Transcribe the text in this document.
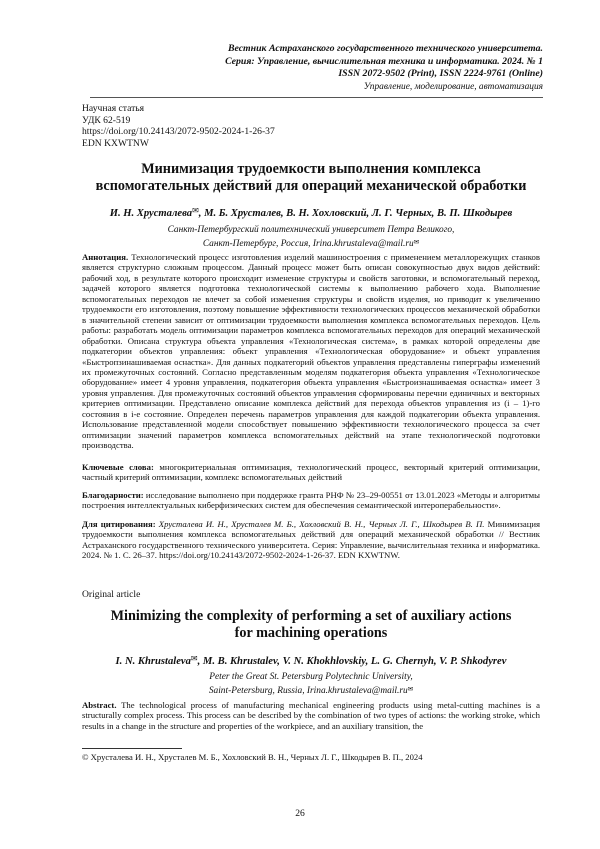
Вестник Астраханского государственного технического университета.
Серия: Управление, вычислительная техника и информатика. 2024. № 1
ISSN 2072-9502 (Print), ISSN 2224-9761 (Online)
Управление, моделирование, автоматизация
Научная статья
УДК 62-519
https://doi.org/10.24143/2072-9502-2024-1-26-37
EDN KXWTNW
Минимизация трудоемкости выполнения комплекса
вспомогательных действий для операций механической обработки
И. Н. Хрусталева✉, М. Б. Хрусталев, В. Н. Хохловский, Л. Г. Черных, В. П. Шкодырев
Санкт-Петербургский политехнический университет Петра Великого,
Санкт-Петербург, Россия, Irina.khrustaleva@mail.ru✉
Аннотация. Технологический процесс изготовления изделий машиностроения с применением металлорежущих станков является структурно сложным процессом. Данный процесс может быть описан совокупностью двух видов действий: рабочий ход, в результате которого происходит изменение структуры и свойств заготовки, и вспомогательный переход, задачей которого является подготовка технологической системы к выполнению рабочего хода. Выполнение вспомогательных переходов не влечет за собой изменения структуры и свойств изделия, но приводит к увеличению трудоемкости его изготовления, поэтому повышение эффективности технологических процессов механической обработки в значительной степени зависит от оптимизации трудоемкости выполнения комплекса вспомогательных переходов. Цель работы: разработать модель оптимизации параметров комплекса вспомогательных переходов для операций механической обработки. Описана структура объекта управления «Технологическая система», в рамках которой определены две подкатегории объектов управления: объект управления «Технологическая оборудование» и объект управления «Быстропзинашиваемая оснастка». Для данных подкатегорий объектов управления представлены гиперграфы изменений их промежуточных состояний. Согласно представленным моделям подкатегория объекта управления «Технологическое оборудование» имеет 4 уровня управления, подкатегория объекта управления «Быстроизнашиваемая оснастка» имеет 3 уровня управления. Для промежуточных состояний объектов управления сформированы перечни единичных и векторных критериев оптимизации. Представлено описание комплекса действий для перехода объектов управления из (i – 1)-го состояния в i-е состояние. Определен перечень параметров управления для каждой подкатегории объекта управления. Использование представленной модели способствует повышению эффективности технологического процесса за счет оптимизации значений параметров комплекса вспомогательных действий на этапе технологической подготовки производства.
Ключевые слова: многокритериальная оптимизация, технологический процесс, векторный критерий оптимизации, частный критерий оптимизации, комплекс вспомогательных действий
Благодарности: исследование выполнено при поддержке гранта РНФ № 23–29-00551 от 13.01.2023 «Методы и алгоритмы построения интеллектуальных киберфизических систем для обеспечения семантической интероперабельности».
Для цитирования: Хрусталева И. Н., Хрусталев М. Б., Хохловский В. Н., Черных Л. Г., Шкодырев В. П. Минимизация трудоемкости выполнения комплекса вспомогательных действий для операций механической обработки // Вестник Астраханского государственного технического университета. Серия: Управление, вычислительная техника и информатика. 2024. № 1. С. 26–37. https://doi.org/10.24143/2072-9502-2024-1-26-37. EDN KXWTNW.
Original article
Minimizing the complexity of performing a set of auxiliary actions
for machining operations
I. N. Khrustaleva✉, M. B. Khrustalev, V. N. Khokhlovskiy, L. G. Chernyh, V. P. Shkodyrev
Peter the Great St. Petersburg Polytechnic University,
Saint-Petersburg, Russia, Irina.khrustaleva@mail.ru✉
Abstract. The technological process of manufacturing mechanical engineering products using metal-cutting machines is a structurally complex process. This process can be described by the combination of two types of actions: the working stroke, which results in a change in the structure and properties of the workpiece, and an auxiliary transition, the
© Хрусталева И. Н., Хрусталев М. Б., Хохловский В. Н., Черных Л. Г., Шкодырев В. П., 2024
26
